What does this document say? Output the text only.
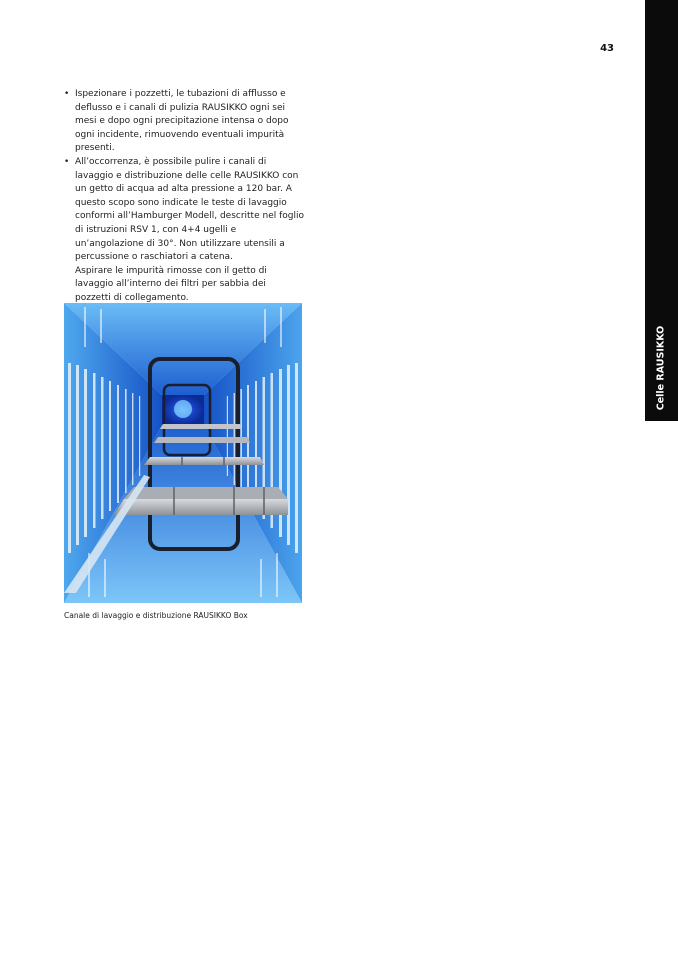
43
Celle RAUSIKKO
• Ispezionare i pozzetti, le tubazioni di afflusso e deflusso e i canali di pulizia RAUSIKKO ogni sei mesi e dopo ogni precipitazione intensa o dopo ogni incidente, rimuovendo eventuali impurità presenti.
• All’occorrenza, è possibile pulire i canali di lavaggio e distribuzione delle celle RAUSIKKO con un getto di acqua ad alta pressione a 120 bar. A questo scopo sono indicate le teste di lavaggio conformi all’Hamburger Modell, descritte nel foglio di istruzioni RSV 1, con 4+4 ugelli e un’angolazione di 30°. Non utilizzare utensili a percussione o raschiatori a catena.

Aspirare le impurità rimosse con il getto di lavaggio all’interno dei filtri per sabbia dei pozzetti di collegamento.

Canale di lavaggio e distribuzione RAUSIKKO Box
